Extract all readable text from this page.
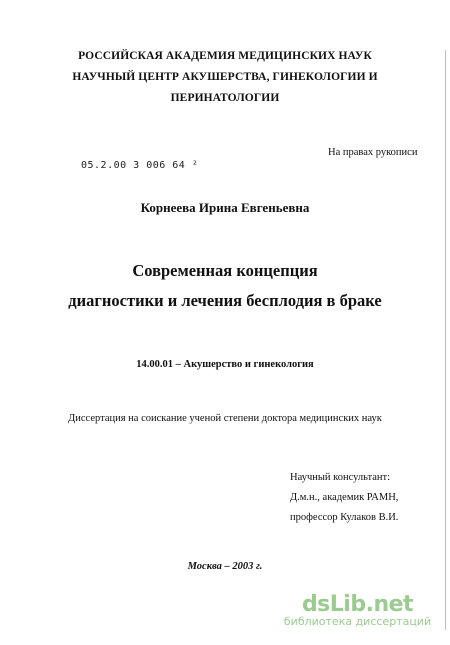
РОССИЙСКАЯ АКАДЕМИЯ МЕДИЦИНСКИХ НАУК
НАУЧНЫЙ ЦЕНТР АКУШЕРСТВА, ГИНЕКОЛОГИИ И
ПЕРИНАТОЛОГИИ
На правах рукописи
05.2.00 3 006 64 ²
Корнеева Ирина Евгеньевна
Современная концепция
диагностики и лечения бесплодия в браке
14.00.01 – Акушерство и гинекология
Диссертация на соискание ученой степени доктора медицинских наук
Научный консультант:
Д.м.н., академик РАМН,
профессор Кулаков В.И.
Москва – 2003 г.
dsLib.net
библиотека диссертаций
